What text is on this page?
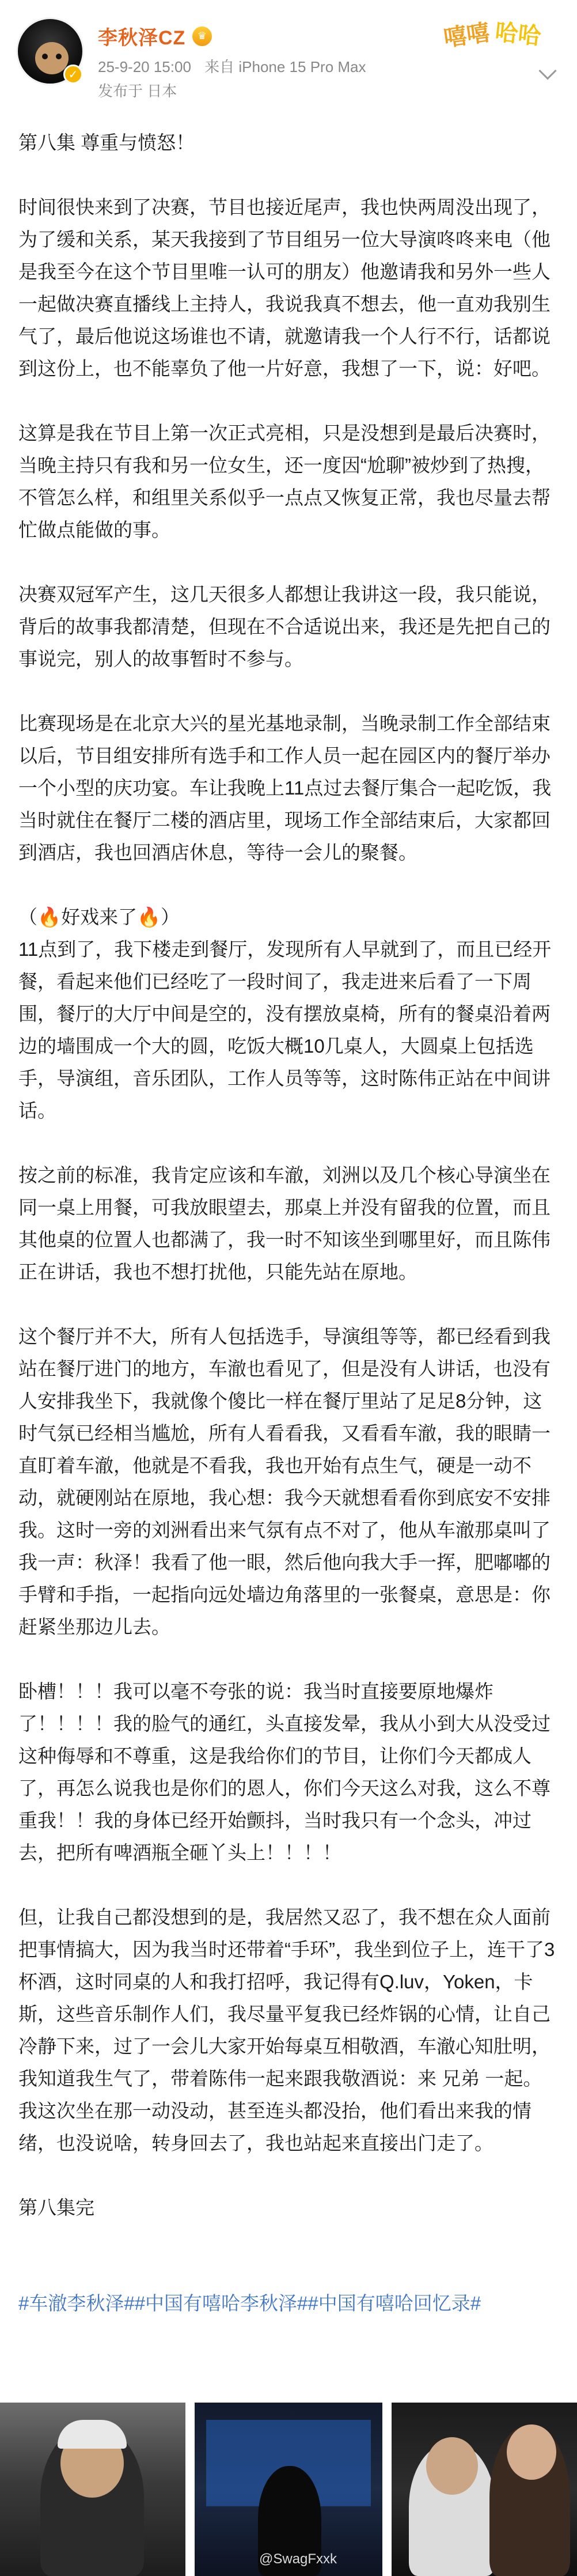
✓
李秋泽CZ	♛
25-9-20 15:00 来自 iPhone 15 Pro Max
发布于 日本
嘻嘻 哈哈
第八集 尊重与愤怒！
时间很快来到了决赛，节目也接近尾声，我也快两周没出现了，为了缓和关系，某天我接到了节目组另一位大导演咚咚来电（他是我至今在这个节目里唯一认可的朋友）他邀请我和另外一些人一起做决赛直播线上主持人，我说我真不想去，他一直劝我别生气了，最后他说这场谁也不请，就邀请我一个人行不行，话都说到这份上，也不能辜负了他一片好意，我想了一下，说：好吧。
这算是我在节目上第一次正式亮相，只是没想到是最后决赛时，当晚主持只有我和另一位女生，还一度因“尬聊”被炒到了热搜，不管怎么样，和组里关系似乎一点点又恢复正常，我也尽量去帮忙做点能做的事。
决赛双冠军产生，这几天很多人都想让我讲这一段，我只能说，背后的故事我都清楚，但现在不合适说出来，我还是先把自己的事说完，别人的故事暂时不参与。
比赛现场是在北京大兴的星光基地录制，当晚录制工作全部结束以后，节目组安排所有选手和工作人员一起在园区内的餐厅举办一个小型的庆功宴。车让我晚上11点过去餐厅集合一起吃饭，我当时就住在餐厅二楼的酒店里，现场工作全部结束后，大家都回到酒店，我也回酒店休息，等待一会儿的聚餐。
（🔥好戏来了🔥）
11点到了，我下楼走到餐厅，发现所有人早就到了，而且已经开餐，看起来他们已经吃了一段时间了，我走进来后看了一下周围，餐厅的大厅中间是空的，没有摆放桌椅，所有的餐桌沿着两边的墙围成一个大的圆，吃饭大概10几桌人，大圆桌上包括选手，导演组，音乐团队，工作人员等等，这时陈伟正站在中间讲话。
按之前的标准，我肯定应该和车澈，刘洲以及几个核心导演坐在同一桌上用餐，可我放眼望去，那桌上并没有留我的位置，而且其他桌的位置人也都满了，我一时不知该坐到哪里好，而且陈伟正在讲话，我也不想打扰他，只能先站在原地。
这个餐厅并不大，所有人包括选手，导演组等等，都已经看到我站在餐厅进门的地方，车澈也看见了，但是没有人讲话，也没有人安排我坐下，我就像个傻比一样在餐厅里站了足足8分钟，这时气氛已经相当尴尬，所有人看看我，又看看车澈，我的眼睛一直盯着车澈，他就是不看我，我也开始有点生气，硬是一动不动，就硬刚站在原地，我心想：我今天就想看看你到底安不安排我。这时一旁的刘洲看出来气氛有点不对了，他从车澈那桌叫了我一声：秋泽！我看了他一眼，然后他向我大手一挥，肥嘟嘟的手臂和手指，一起指向远处墙边角落里的一张餐桌，意思是：你赶紧坐那边儿去。
卧槽！！！我可以毫不夸张的说：我当时直接要原地爆炸了！！！！我的脸气的通红，头直接发晕，我从小到大从没受过这种侮辱和不尊重，这是我给你们的节目，让你们今天都成人了，再怎么说我也是你们的恩人，你们今天这么对我，这么不尊重我！！我的身体已经开始颤抖，当时我只有一个念头，冲过去，把所有啤酒瓶全砸丫头上！！！！
但，让我自己都没想到的是，我居然又忍了，我不想在众人面前把事情搞大，因为我当时还带着“手环”，我坐到位子上，连干了3杯酒，这时同桌的人和我打招呼，我记得有Q.luv，Yoken，卡斯，这些音乐制作人们，我尽量平复我已经炸锅的心情，让自己冷静下来，过了一会儿大家开始每桌互相敬酒，车澈心知肚明，我知道我生气了，带着陈伟一起来跟我敬酒说：来 兄弟 一起。我这次坐在那一动没动，甚至连头都没抬，他们看出来我的情绪，也没说啥，转身回去了，我也站起来直接出门走了。
第八集完
#车澈李秋泽##中国有嘻哈李秋泽##中国有嘻哈回忆录#
@SwagFxxk
